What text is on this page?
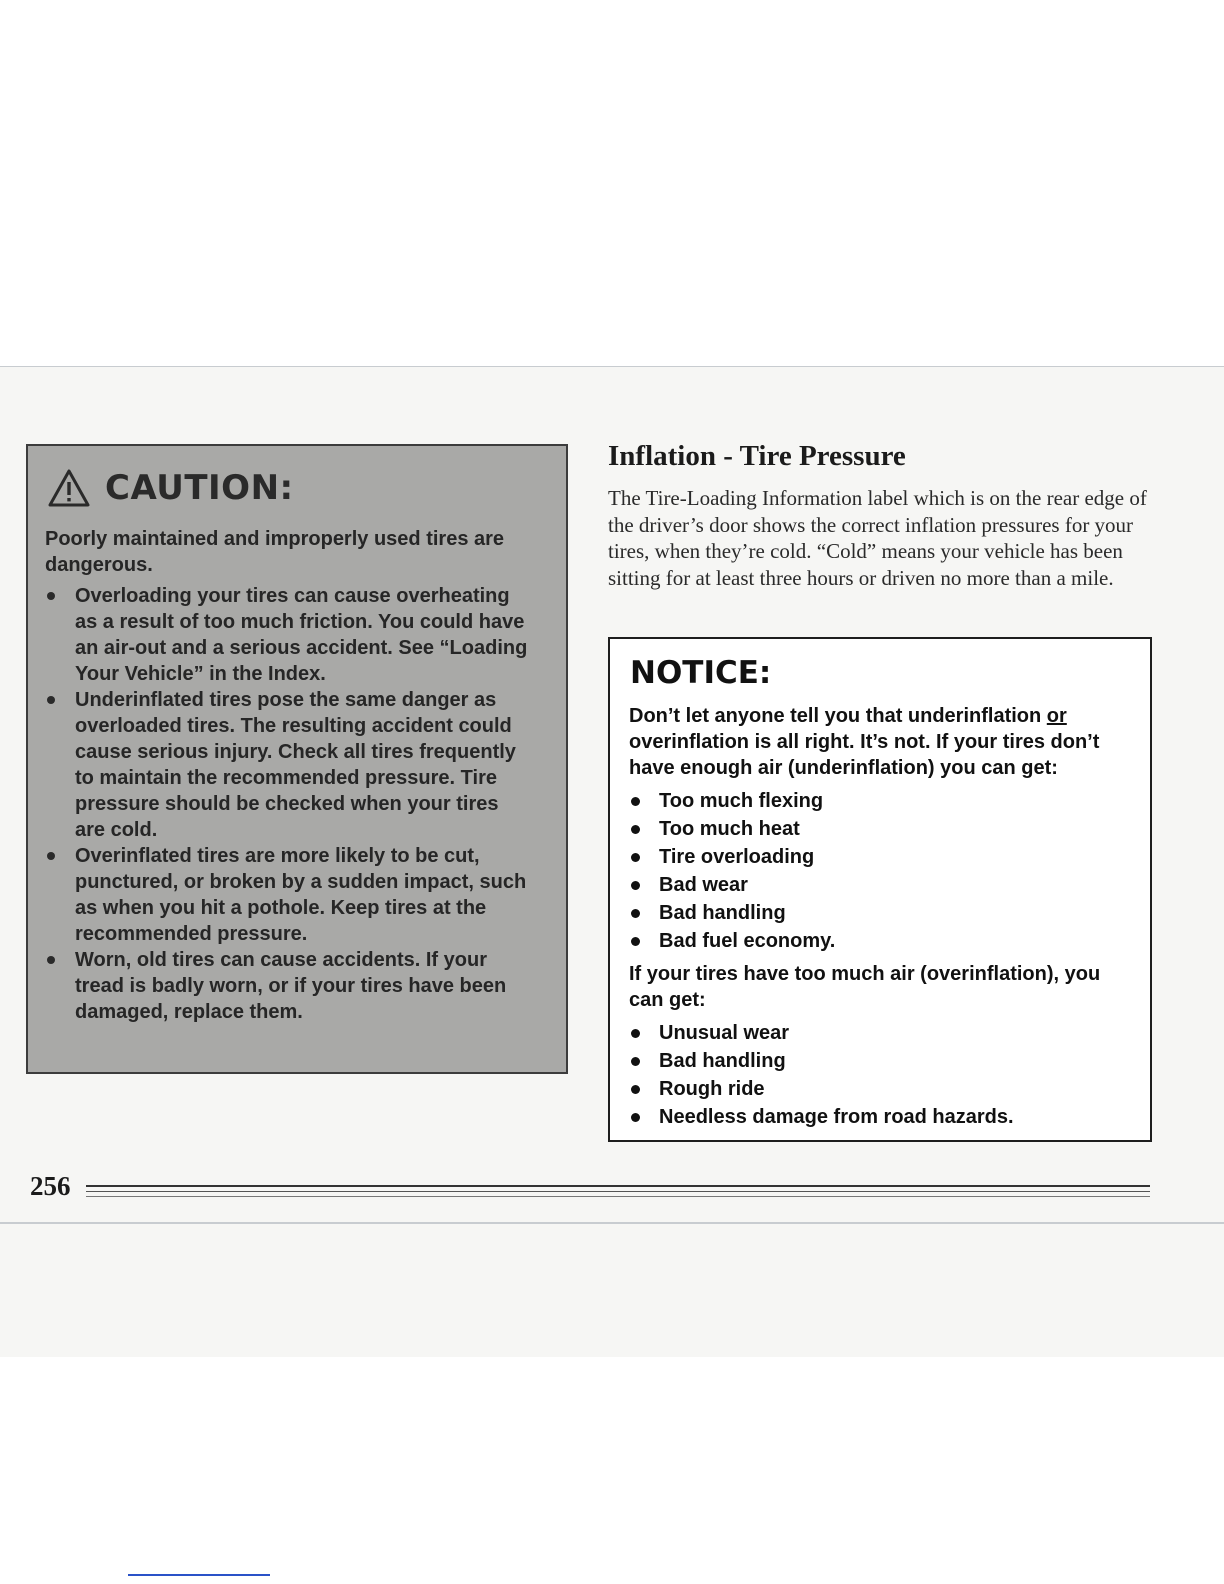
CAUTION:
Poorly maintained and improperly used tires are dangerous.
Overloading your tires can cause overheating as a result of too much friction. You could have an air-out and a serious accident. See “Loading Your Vehicle” in the Index.
Underinflated tires pose the same danger as overloaded tires. The resulting accident could cause serious injury. Check all tires frequently to maintain the recommended pressure. Tire pressure should be checked when your tires are cold.
Overinflated tires are more likely to be cut, punctured, or broken by a sudden impact, such as when you hit a pothole. Keep tires at the recommended pressure.
Worn, old tires can cause accidents. If your tread is badly worn, or if your tires have been damaged, replace them.
Inflation - Tire Pressure

The Tire-Loading Information label which is on the rear edge of the driver’s door shows the correct inflation pressures for your tires, when they’re cold. “Cold” means your vehicle has been sitting for at least three hours or driven no more than a mile.

NOTICE:

Don’t let anyone tell you that underinflation or overinflation is all right. It’s not. If your tires don’t have enough air (underinflation) you can get:

Too much flexing
Too much heat
Tire overloading
Bad wear
Bad handling
Bad fuel economy.

If your tires have too much air (overinflation), you can get:

Unusual wear
Bad handling
Rough ride
Needless damage from road hazards.
256
